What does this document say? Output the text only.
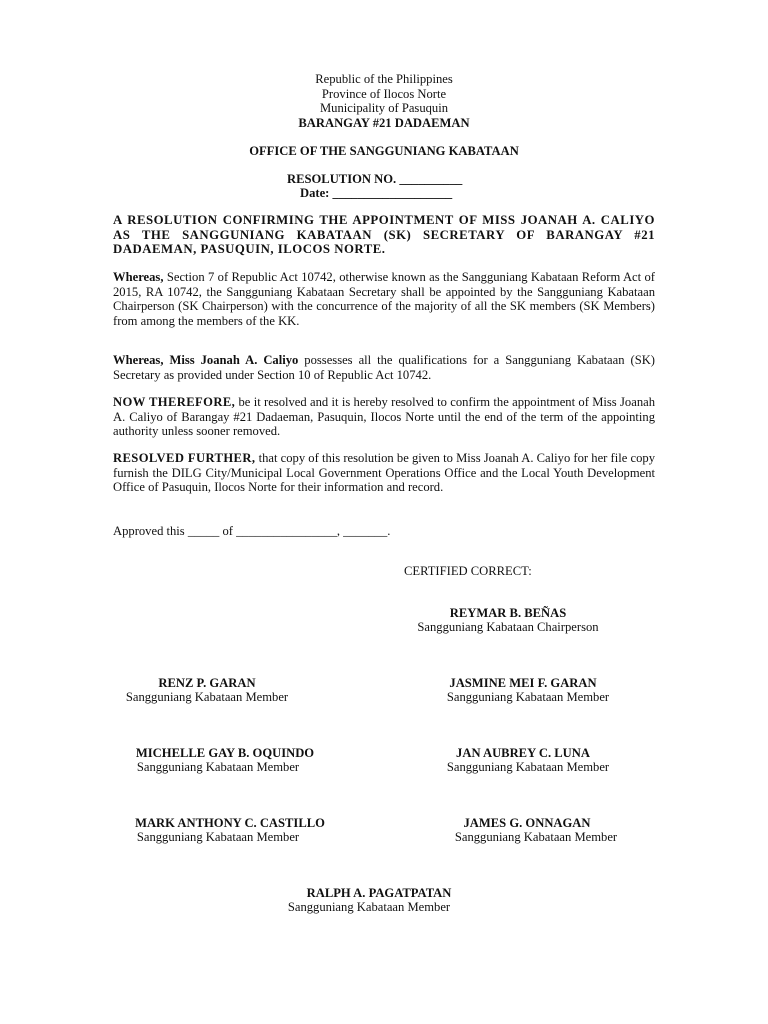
Republic of the Philippines
Province of Ilocos Norte
Municipality of Pasuquin
BARANGAY #21 DADAEMAN
OFFICE OF THE SANGGUNIANG KABATAAN
RESOLUTION NO. __________
Date: ___________________
A RESOLUTION CONFIRMING THE APPOINTMENT OF MISS JOANAH A. CALIYO AS THE SANGGUNIANG KABATAAN (SK) SECRETARY OF BARANGAY #21 DADAEMAN, PASUQUIN, ILOCOS NORTE.
Whereas, Section 7 of Republic Act 10742, otherwise known as the Sangguniang Kabataan Reform Act of 2015, RA 10742, the Sangguniang Kabataan Secretary shall be appointed by the Sangguniang Kabataan Chairperson (SK Chairperson) with the concurrence of the majority of all the SK members (SK Members) from among the members of the KK.
Whereas, Miss Joanah A. Caliyo possesses all the qualifications for a Sangguniang Kabataan (SK) Secretary as provided under Section 10 of Republic Act 10742.
NOW THEREFORE, be it resolved and it is hereby resolved to confirm the appointment of Miss Joanah A. Caliyo of Barangay #21 Dadaeman, Pasuquin, Ilocos Norte until the end of the term of the appointing authority unless sooner removed.
RESOLVED FURTHER, that copy of this resolution be given to Miss Joanah A. Caliyo for her file copy furnish the DILG City/Municipal Local Government Operations Office and the Local Youth Development Office of Pasuquin, Ilocos Norte for their information and record.
Approved this _____ of ________________, _______.
CERTIFIED CORRECT:
REYMAR B. BEÑAS
Sangguniang Kabataan Chairperson
RENZ P. GARAN
Sangguniang Kabataan Member
JASMINE MEI F. GARAN
Sangguniang Kabataan Member
MICHELLE GAY B. OQUINDO
Sangguniang Kabataan Member
JAN AUBREY C. LUNA
Sangguniang Kabataan Member
MARK ANTHONY C. CASTILLO
Sangguniang Kabataan Member
JAMES G. ONNAGAN
Sangguniang Kabataan Member
RALPH A. PAGATPATAN
Sangguniang Kabataan Member
